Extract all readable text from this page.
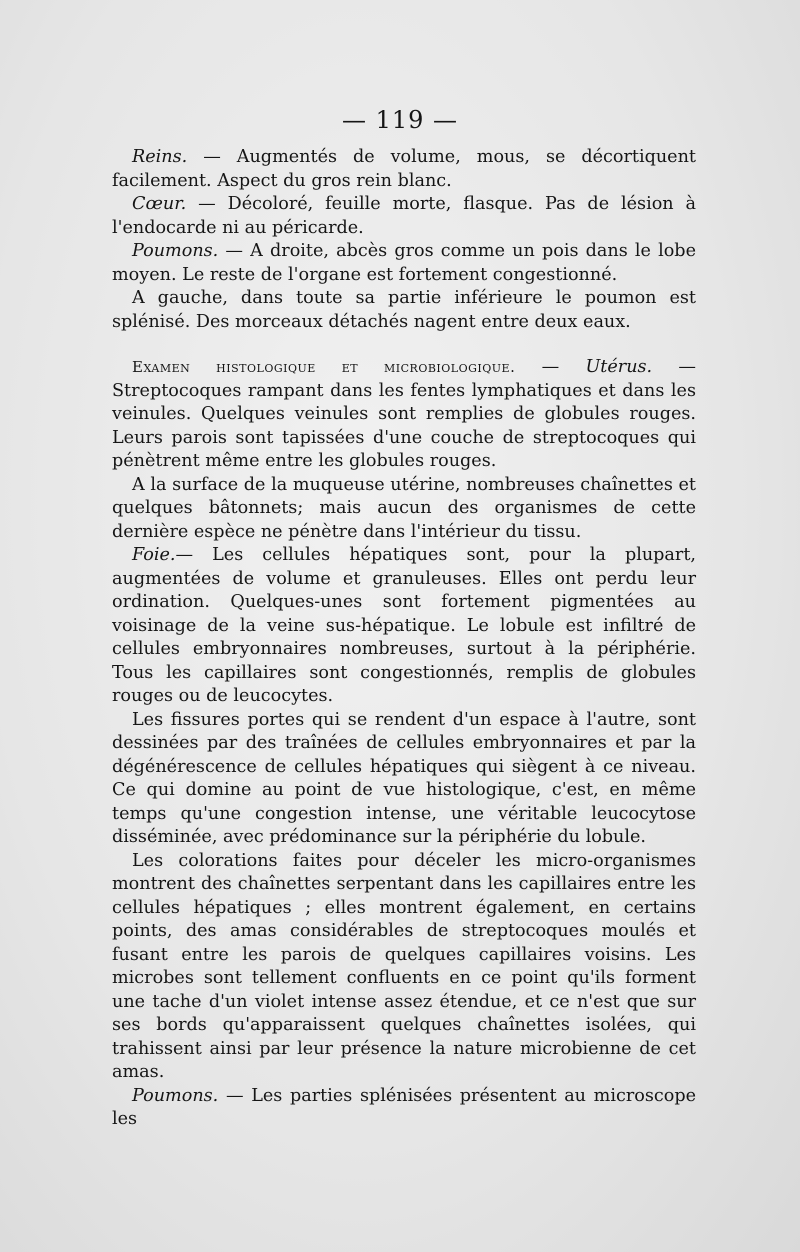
— 119 —

Reins. — Augmentés de volume, mous, se décortiquent facilement. Aspect du gros rein blanc.

Cœur. — Décoloré, feuille morte, flasque. Pas de lésion à l'endocarde ni au péricarde.

Poumons. — A droite, abcès gros comme un pois dans le lobe moyen. Le reste de l'organe est fortement congestionné.

A gauche, dans toute sa partie inférieure le poumon est splénisé. Des morceaux détachés nagent entre deux eaux.

Examen histologique et microbiologique. — Utérus. — Streptocoques rampant dans les fentes lymphatiques et dans les veinules. Quelques veinules sont remplies de globules rouges. Leurs parois sont tapissées d'une couche de streptocoques qui pénètrent même entre les globules rouges.

A la surface de la muqueuse utérine, nombreuses chaînettes et quelques bâtonnets; mais aucun des organismes de cette dernière espèce ne pénètre dans l'intérieur du tissu.

Foie.— Les cellules hépatiques sont, pour la plupart, augmentées de volume et granuleuses. Elles ont perdu leur ordination. Quelques-unes sont fortement pigmentées au voisinage de la veine sus-hépatique. Le lobule est infiltré de cellules embryonnaires nombreuses, surtout à la périphérie. Tous les capillaires sont congestionnés, remplis de globules rouges ou de leucocytes.

Les fissures portes qui se rendent d'un espace à l'autre, sont dessinées par des traînées de cellules embryonnaires et par la dégénérescence de cellules hépatiques qui siègent à ce niveau. Ce qui domine au point de vue histologique, c'est, en même temps qu'une congestion intense, une véritable leucocytose disséminée, avec prédominance sur la périphérie du lobule.

Les colorations faites pour déceler les micro-organismes montrent des chaînettes serpentant dans les capillaires entre les cellules hépatiques ; elles montrent également, en certains points, des amas considérables de streptocoques moulés et fusant entre les parois de quelques capillaires voisins. Les microbes sont tellement confluents en ce point qu'ils forment une tache d'un violet intense assez étendue, et ce n'est que sur ses bords qu'apparaissent quelques chaînettes isolées, qui trahissent ainsi par leur présence la nature microbienne de cet amas.

Poumons. — Les parties splénisées présentent au microscope les
